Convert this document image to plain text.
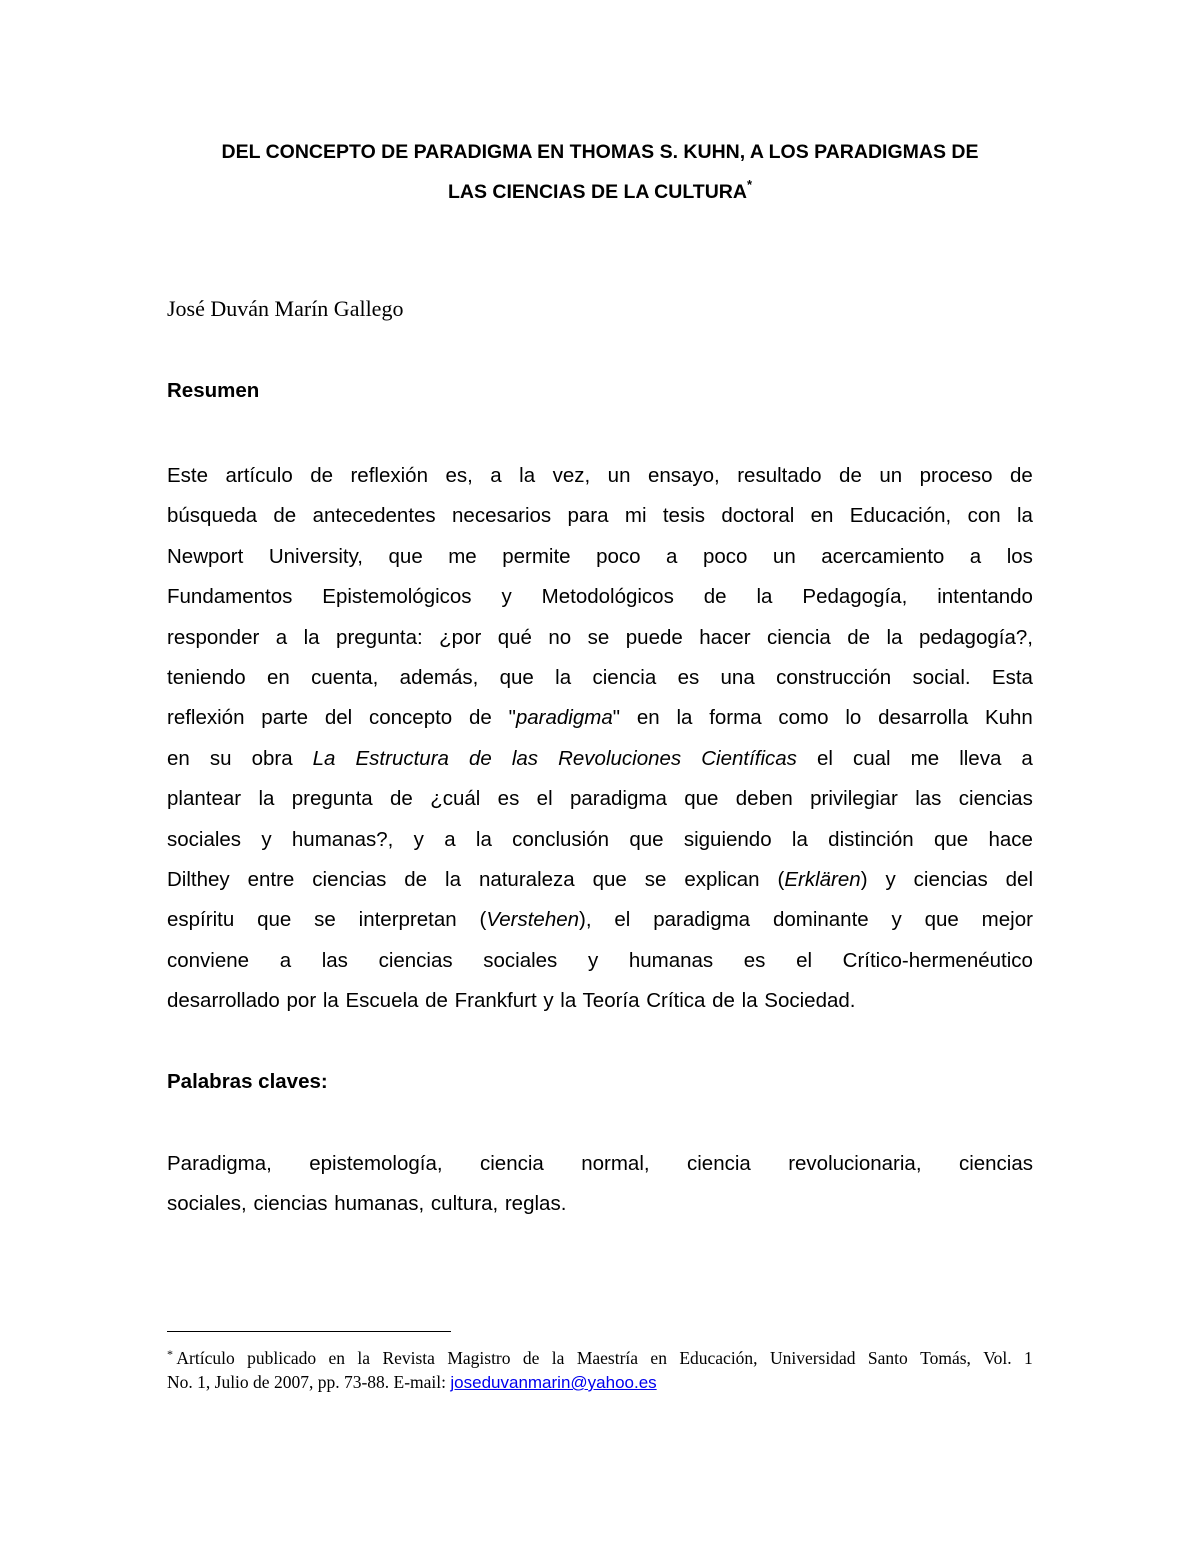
DEL CONCEPTO DE PARADIGMA EN THOMAS S. KUHN, A LOS PARADIGMAS DE
LAS CIENCIAS DE LA CULTURA*
José Duván Marín Gallego
Resumen
Este artículo de reflexión es, a la vez, un ensayo, resultado de un proceso de
búsqueda de antecedentes necesarios para mi tesis doctoral en Educación, con la
Newport University, que me permite poco a poco un acercamiento a los
Fundamentos Epistemológicos y Metodológicos de la Pedagogía, intentando
responder a la pregunta: ¿por qué no se puede hacer ciencia de la pedagogía?,
teniendo en cuenta, además, que la ciencia es una construcción social. Esta
reflexión parte del concepto de "paradigma" en la forma como lo desarrolla Kuhn
en su obra La Estructura de las Revoluciones Científicas el cual me lleva a
plantear la pregunta de ¿cuál es el paradigma que deben privilegiar las ciencias
sociales y humanas?, y a la conclusión que siguiendo la distinción que hace
Dilthey entre ciencias de la naturaleza que se explican (Erklären) y ciencias del
espíritu que se interpretan (Verstehen), el paradigma dominante y que mejor
conviene a las ciencias sociales y humanas es el Crítico-hermenéutico
desarrollado por la Escuela de Frankfurt y la Teoría Crítica de la Sociedad.
Palabras claves:
Paradigma, epistemología, ciencia normal, ciencia revolucionaria, ciencias
sociales, ciencias humanas, cultura, reglas.
* Artículo publicado en la Revista Magistro de la Maestría en Educación, Universidad Santo Tomás, Vol. 1
No. 1, Julio de 2007, pp. 73-88. E-mail: joseduvanmarin@yahoo.es
